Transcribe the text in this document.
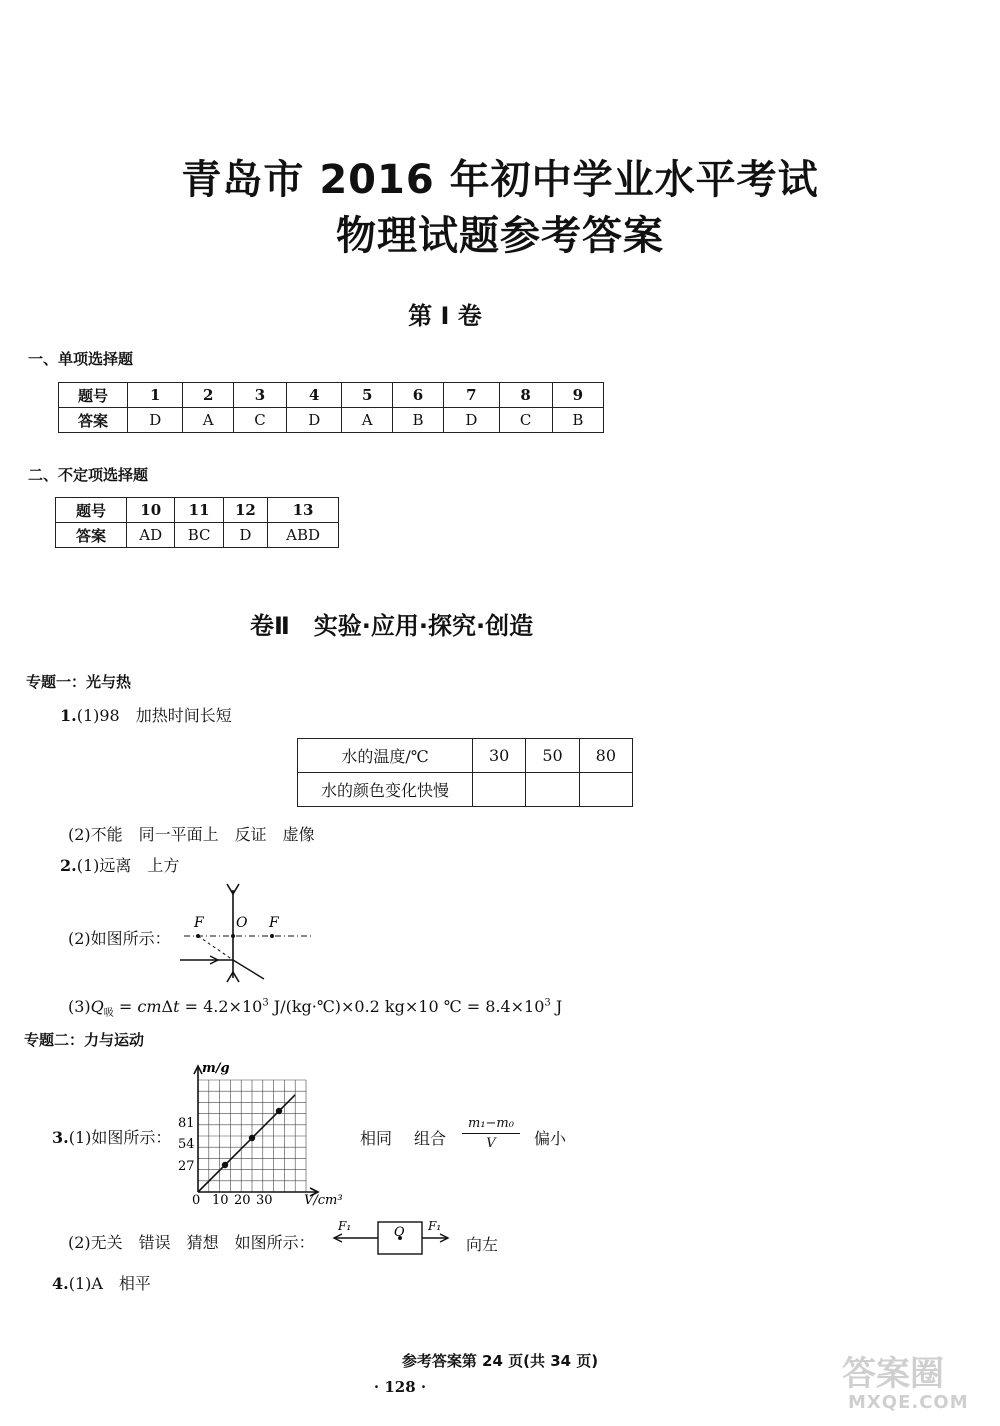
青岛市 2016 年初中学业水平考试
物理试题参考答案
第 I 卷
一、单项选择题
题号	1	2	3	4	5	6	7	8	9
答案	D	A	C	D	A	B	D	C	B
二、不定项选择题
题号	10	11	12	13
答案	AD	BC	D	ABD
卷Ⅱ　实验·应用·探究·创造
专题一：光与热
1.(1)98　加热时间长短
水的温度/℃	30	50	80
水的颜色变化快慢			
(2)不能　同一平面上　反证　虚像
2.(1)远离　上方
(2)如图所示：
F O F
$(3)Q_吸 = cm\Delta t = 4.2\times 10^3$ J/(kg·℃)×0.2 kg×10 ℃ = $8.4\times 10^3$ J
专题二：力与运动
m/g
V/cm³
81
54
27
0 10 20 30
3.(1)如图所示：	相同 组合 $\frac{\text{m₁−m₀}}{V}$ 偏小
(2)无关　错误　猜想　如图所示：
F₁	O F₁
向左
4.(1)A　相平
参考答案第 24 页(共 34 页)
· 128 ·	答案圈
MXQE.COM
